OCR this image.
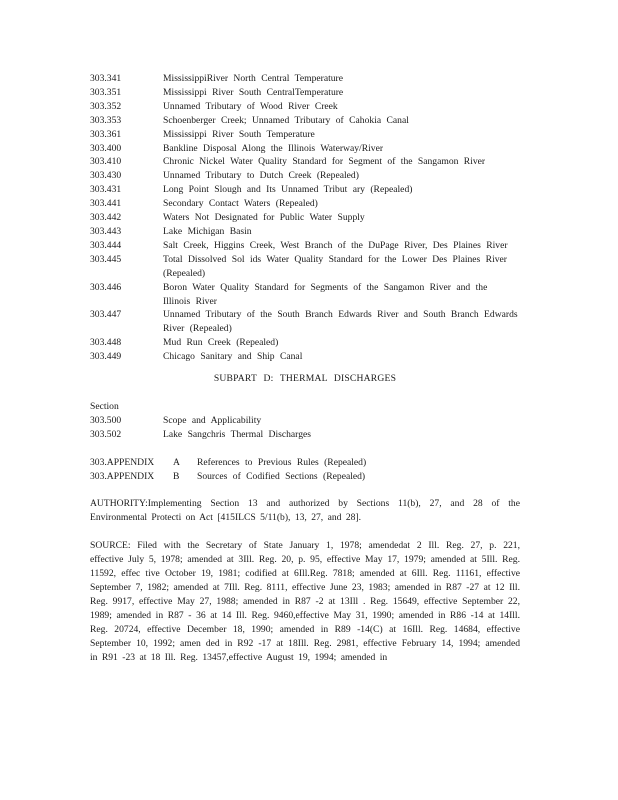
303.341	MississippiRiver North Central Temperature
303.351	Mississippi River South CentralTemperature
303.352	Unnamed Tributary of Wood River Creek
303.353	Schoenberger Creek; Unnamed Tributary of Cahokia Canal
303.361	Mississippi River South Temperature
303.400	Bankline Disposal Along the Illinois Waterway/River
303.410	Chronic Nickel Water Quality Standard for Segment of the Sangamon River
303.430	Unnamed Tributary to Dutch Creek (Repealed)
303.431	Long Point Slough and Its Unnamed Tribut ary (Repealed)
303.441	Secondary Contact Waters (Repealed)
303.442	Waters Not Designated for Public Water Supply
303.443	Lake Michigan Basin
303.444	Salt Creek, Higgins Creek, West Branch of the DuPage River, Des Plaines River
303.445	Total Dissolved Sol ids Water Quality Standard for the Lower Des Plaines River (Repealed)
303.446	Boron Water Quality Standard for Segments of the Sangamon River and the Illinois River
303.447	Unnamed Tributary of the South Branch Edwards River and South Branch Edwards River (Repealed)
303.448	Mud Run Creek (Repealed)
303.449	Chicago Sanitary and Ship Canal
SUBPART D: THERMAL DISCHARGES
Section
303.500	Scope and Applicability
303.502	Lake Sangchris Thermal Discharges
303.APPENDIX	A	References to Previous Rules (Repealed)
303.APPENDIX	B	Sources of Codified Sections (Repealed)
AUTHORITY:Implementing Section 13 and authorized by Sections 11(b), 27, and 28 of the Environmental Protecti on Act [415ILCS 5/11(b), 13, 27, and 28].
SOURCE: Filed with the Secretary of State January 1, 1978; amendedat 2 Ill. Reg. 27, p. 221, effective July 5, 1978; amended at 3Ill. Reg. 20, p. 95, effective May 17, 1979; amended at 5Ill. Reg. 11592, effec tive October 19, 1981; codified at 6Ill.Reg. 7818; amended at 6Ill. Reg. 11161, effective September 7, 1982; amended at 7Ill. Reg. 8111, effective June 23, 1983; amended in R87 -27 at 12 Ill. Reg. 9917, effective May 27, 1988; amended in R87 -2 at 13Ill . Reg. 15649, effective September 22, 1989; amended in R87 - 36 at 14 Ill. Reg. 9460,effective May 31, 1990; amended in R86 -14 at 14Ill. Reg. 20724, effective December 18, 1990; amended in R89 -14(C) at 16Ill. Reg. 14684, effective September 10, 1992; amen ded in R92 -17 at 18Ill. Reg. 2981, effective February 14, 1994; amended in R91 -23 at 18 Ill. Reg. 13457,effective August 19, 1994; amended in
